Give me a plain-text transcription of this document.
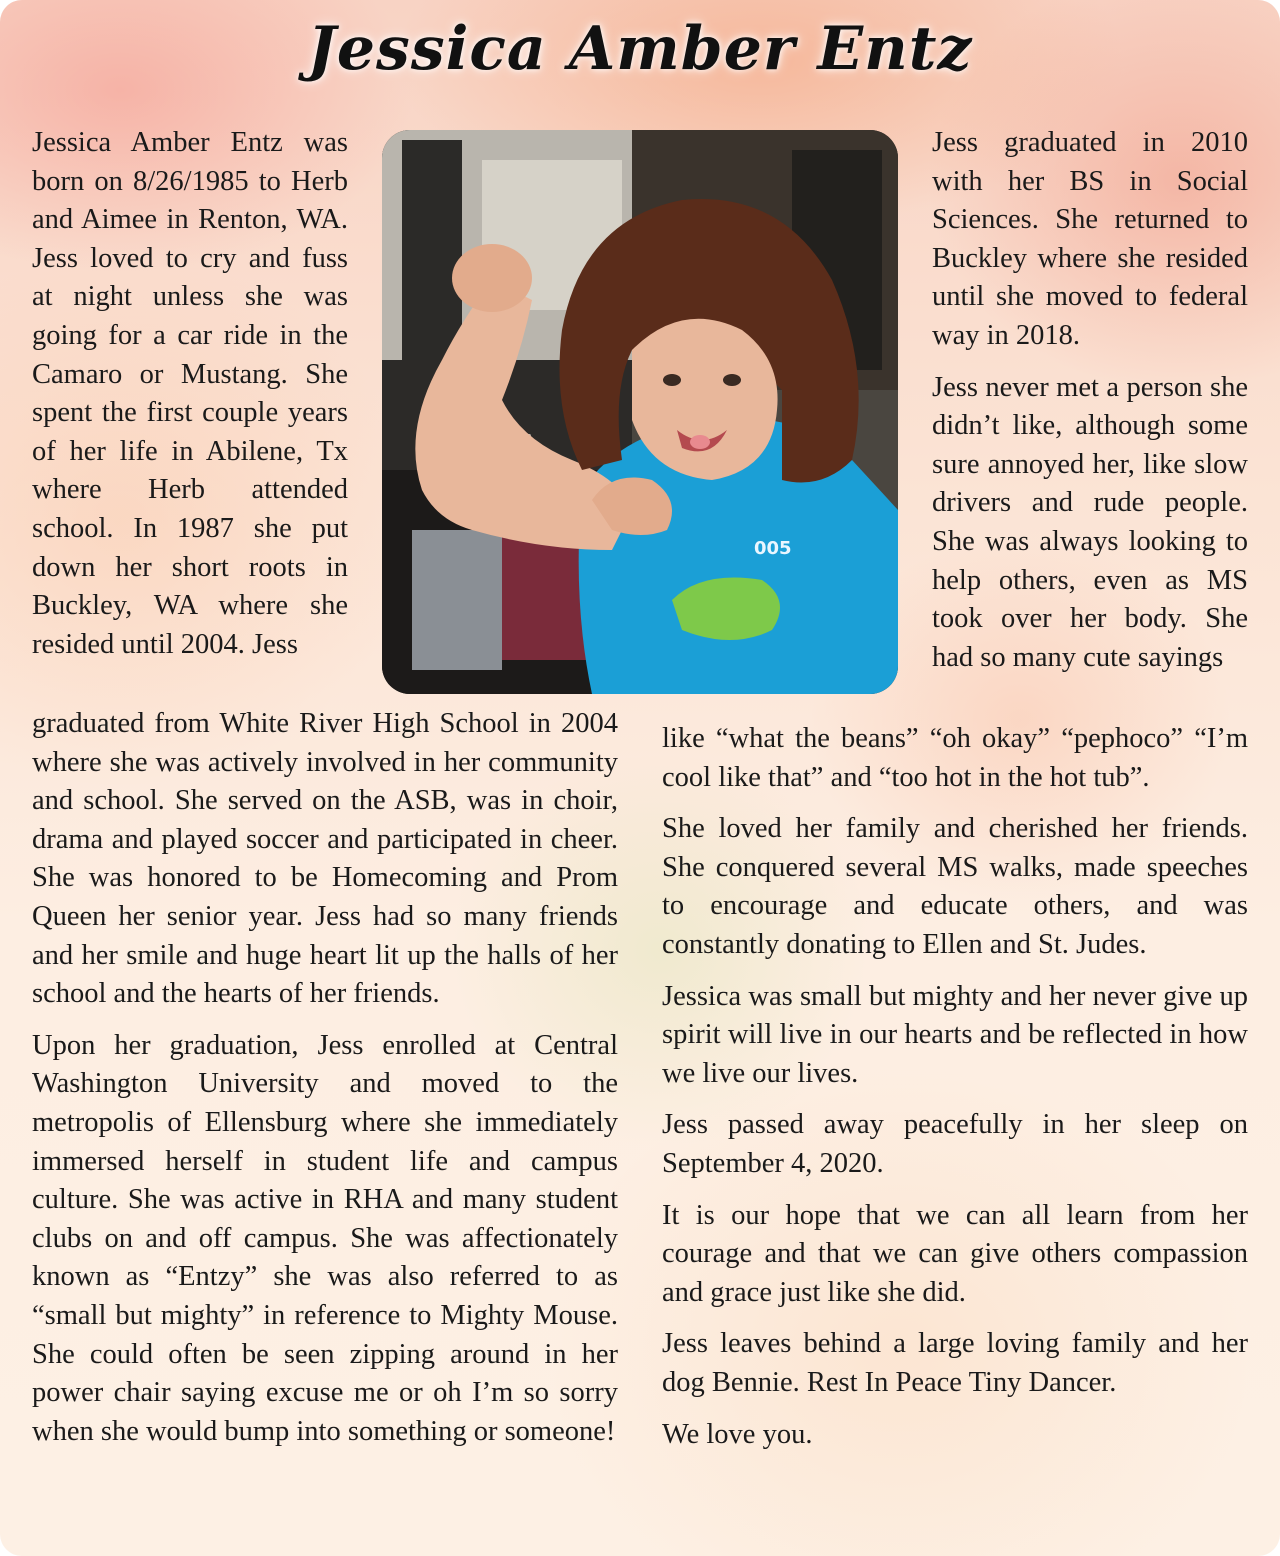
Jessica Amber Entz
005

Jessica Amber Entz was born on 8/26/1985 to Herb and Aimee in Renton, WA. Jess loved to cry and fuss at night unless she was going for a car ride in the Camaro or Mustang. She spent the first couple years of her life in Abilene, Tx where Herb attended school. In 1987 she put down her short roots in Buckley, WA where she resided until 2004. Jess

graduated from White River High School in 2004 where she was actively involved in her community and school. She served on the ASB, was in choir, drama and played soccer and participated in cheer. She was honored to be Homecoming and Prom Queen her senior year. Jess had so many friends and her smile and huge heart lit up the halls of her school and the hearts of her friends.

Upon her graduation, Jess enrolled at Central Washington University and moved to the metropolis of Ellensburg where she immediately immersed herself in student life and campus culture. She was active in RHA and many student clubs on and off campus. She was affectionately known as “Entzy” she was also referred to as “small but mighty” in reference to Mighty Mouse. She could often be seen zipping around in her power chair saying excuse me or oh I’m so sorry when she would bump into something or someone!

Jess graduated in 2010 with her BS in Social Sciences. She returned to Buckley where she resided until she moved to federal way in 2018.

Jess never met a person she didn’t like, although some sure annoyed her, like slow drivers and rude people. She was always looking to help others, even as MS took over her body. She had so many cute sayings

like “what the beans” “oh okay” “pephoco” “I’m cool like that” and “too hot in the hot tub”.

She loved her family and cherished her friends. She conquered several MS walks, made speeches to encourage and educate others, and was constantly donating to Ellen and St. Judes.

Jessica was small but mighty and her never give up spirit will live in our hearts and be reflected in how we live our lives.

Jess passed away peacefully in her sleep on September 4, 2020.

It is our hope that we can all learn from her courage and that we can give others compassion and grace just like she did.

Jess leaves behind a large loving family and her dog Bennie. Rest In Peace Tiny Dancer.

We love you.
